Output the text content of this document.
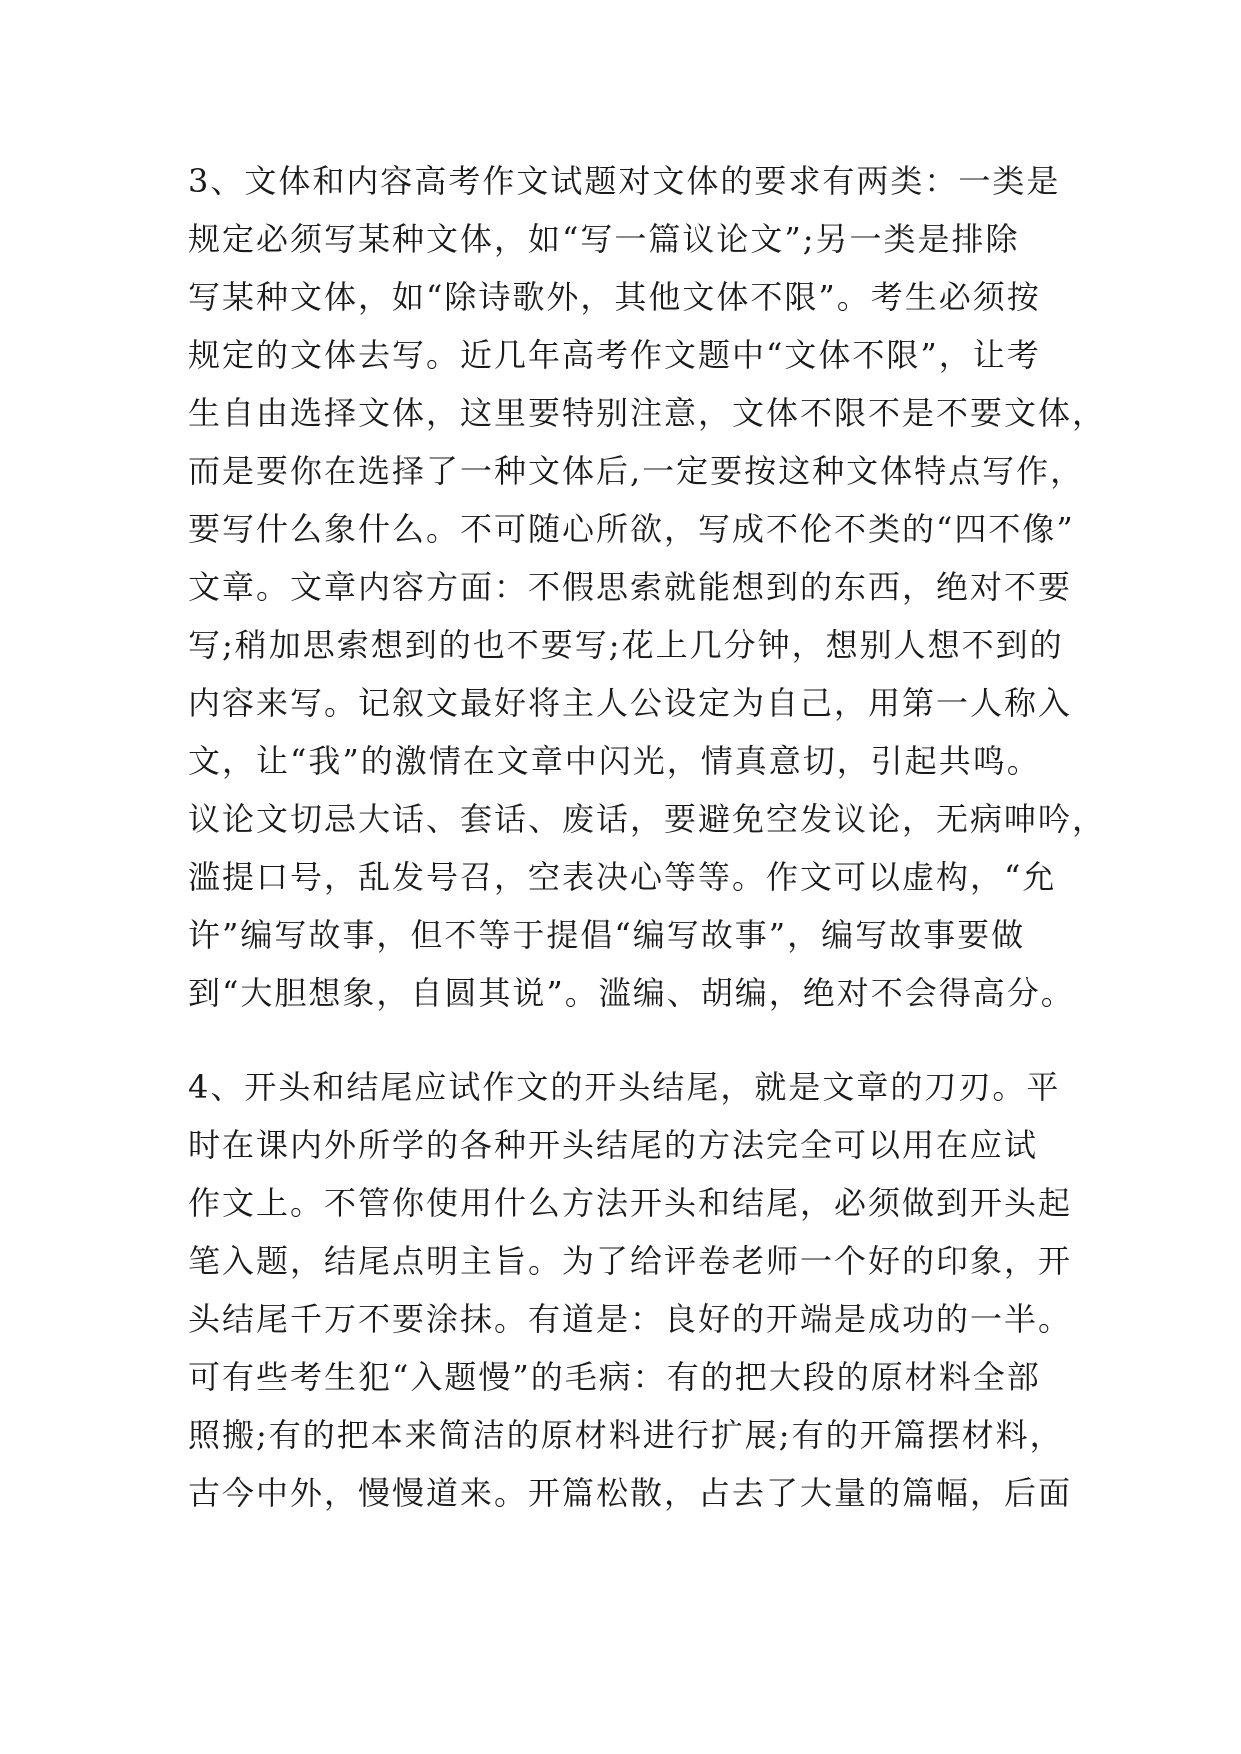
3、文体和内容高考作文试题对文体的要求有两类：一类是
规定必须写某种文体，如“写一篇议论文”;另一类是排除
写某种文体，如“除诗歌外，其他文体不限”。考生必须按
规定的文体去写。近几年高考作文题中“文体不限”，让考
生自由选择文体，这里要特别注意，文体不限不是不要文体，
而是要你在选择了一种文体后,一定要按这种文体特点写作，
要写什么象什么。不可随心所欲，写成不伦不类的“四不像”
文章。文章内容方面：不假思索就能想到的东西，绝对不要
写;稍加思索想到的也不要写;花上几分钟，想别人想不到的
内容来写。记叙文最好将主人公设定为自己，用第一人称入
文，让“我”的激情在文章中闪光，情真意切，引起共鸣。
议论文切忌大话、套话、废话，要避免空发议论，无病呻吟，
滥提口号，乱发号召，空表决心等等。作文可以虚构，“允
许”编写故事，但不等于提倡“编写故事”，编写故事要做
到“大胆想象，自圆其说”。滥编、胡编，绝对不会得高分。
4、开头和结尾应试作文的开头结尾，就是文章的刀刃。平
时在课内外所学的各种开头结尾的方法完全可以用在应试
作文上。不管你使用什么方法开头和结尾，必须做到开头起
笔入题，结尾点明主旨。为了给评卷老师一个好的印象，开
头结尾千万不要涂抹。有道是：良好的开端是成功的一半。
可有些考生犯“入题慢”的毛病：有的把大段的原材料全部
照搬;有的把本来简洁的原材料进行扩展;有的开篇摆材料，
古今中外，慢慢道来。开篇松散，占去了大量的篇幅，后面
